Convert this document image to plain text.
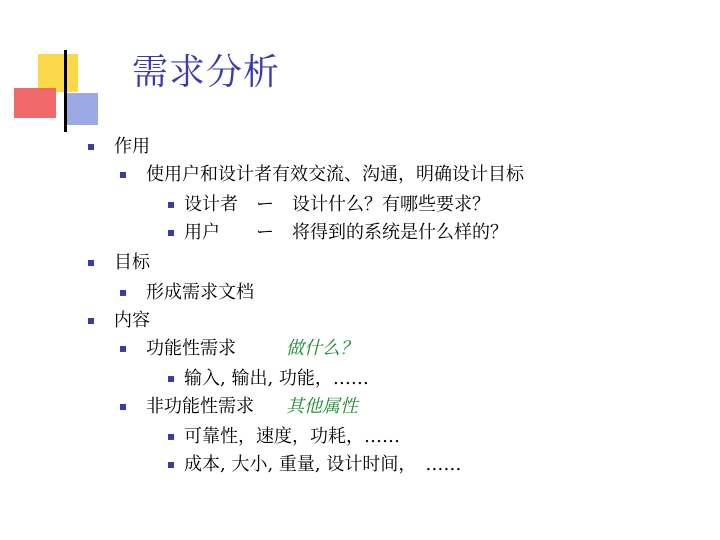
需求分析
作用
使用户和设计者有效交流、沟通，明确设计目标
设计者　ー　设计什么？有哪些要求？
用户　　ー　将得到的系统是什么样的？
目标
形成需求文档
内容
功能性需求	做什么？
输入, 输出, 功能，……
非功能性需求	其他属性
可靠性，速度，功耗，……
成本, 大小, 重量, 设计时间，　……
